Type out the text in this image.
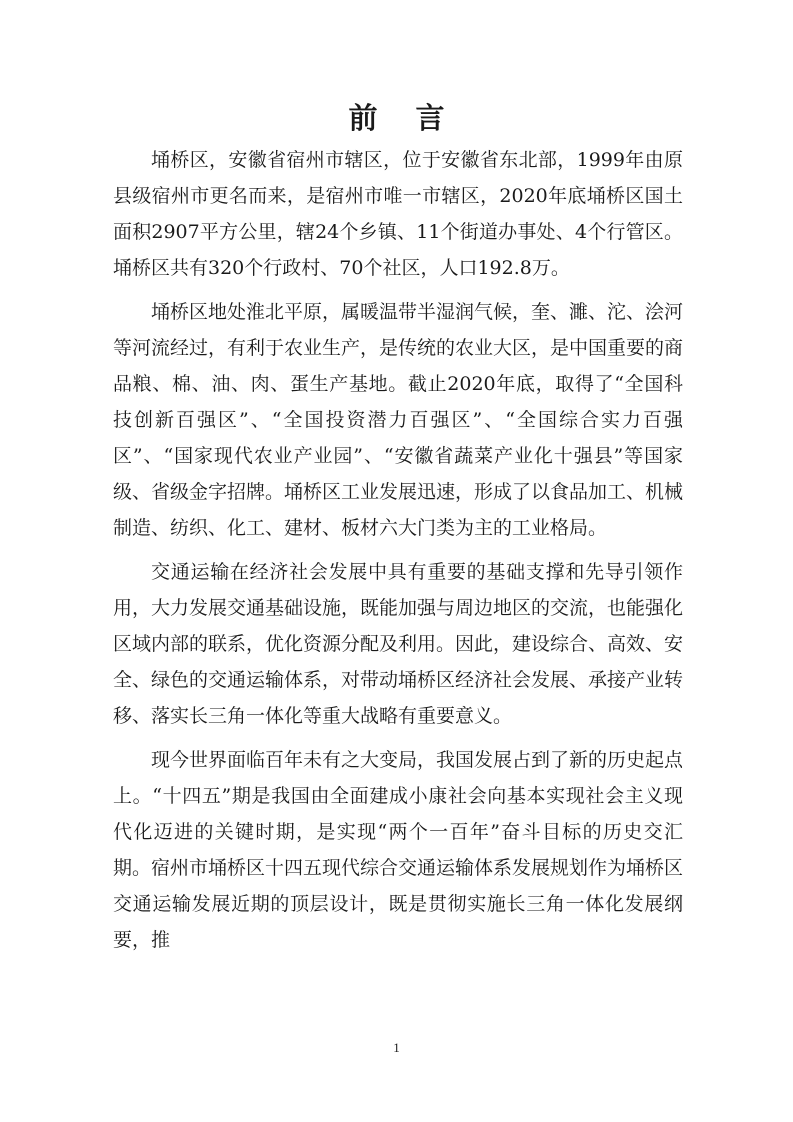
前 言

埇桥区，安徽省宿州市辖区，位于安徽省东北部，1999年由原县级宿州市更名而来，是宿州市唯一市辖区，2020年底埇桥区国土面积2907平方公里，辖24个乡镇、11个街道办事处、4个行管区。埇桥区共有320个行政村、70个社区，人口192.8万。

埇桥区地处淮北平原，属暖温带半湿润气候，奎、濉、沱、浍河等河流经过，有利于农业生产，是传统的农业大区，是中国重要的商品粮、棉、油、肉、蛋生产基地。截止2020年底，取得了“全国科技创新百强区”、“全国投资潜力百强区”、“全国综合实力百强区”、“国家现代农业产业园”、“安徽省蔬菜产业化十强县”等国家级、省级金字招牌。埇桥区工业发展迅速，形成了以食品加工、机械制造、纺织、化工、建材、板材六大门类为主的工业格局。

交通运输在经济社会发展中具有重要的基础支撑和先导引领作用，大力发展交通基础设施，既能加强与周边地区的交流，也能强化区域内部的联系，优化资源分配及利用。因此，建设综合、高效、安全、绿色的交通运输体系，对带动埇桥区经济社会发展、承接产业转移、落实长三角一体化等重大战略有重要意义。

现今世界面临百年未有之大变局，我国发展占到了新的历史起点上。“十四五”期是我国由全面建成小康社会向基本实现社会主义现代化迈进的关键时期，是实现“两个一百年”奋斗目标的历史交汇期。宿州市埇桥区十四五现代综合交通运输体系发展规划作为埇桥区交通运输发展近期的顶层设计，既是贯彻实施长三角一体化发展纲要，推

1
